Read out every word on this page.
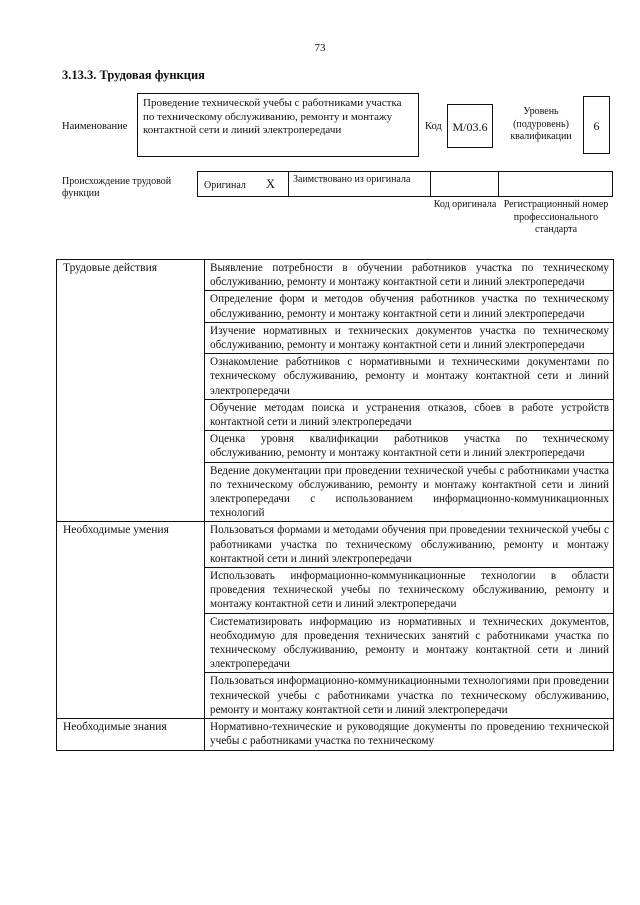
73
3.13.3. Трудовая функция
Наименование
Проведение технической учебы с работниками участка по техническому обслуживанию, ремонту и монтажу контактной сети и линий электропередачи	Код М/03.6
Уровень (подуровень) квалификации
6
Происхождение трудовой функции
Оригинал X Заимствовано из оригинала
Код оригинала Регистрационный номер профессионального стандарта
Трудовые действия	Выявление потребности в обучении работников участка по техническому обслуживанию, ремонту и монтажу контактной сети и линий электропередачи
	Определение форм и методов обучения работников участка по техническому обслуживанию, ремонту и монтажу контактной сети и линий электропередачи
	Изучение нормативных и технических документов участка по техническому обслуживанию, ремонту и монтажу контактной сети и линий электропередачи
	Ознакомление работников с нормативными и техническими документами по техническому обслуживанию, ремонту и монтажу контактной сети и линий электропередачи
	Обучение методам поиска и устранения отказов, сбоев в работе устройств контактной сети и линий электропередачи
	Оценка уровня квалификации работников участка по техническому обслуживанию, ремонту и монтажу контактной сети и линий электропередачи
	Ведение документации при проведении технической учебы с работниками участка по техническому обслуживанию, ремонту и монтажу контактной сети и линий электропередачи с использованием информационно-коммуникационных технологий
Необходимые умения	Пользоваться формами и методами обучения при проведении технической учебы с работниками участка по техническому обслуживанию, ремонту и монтажу контактной сети и линий электропередачи
	Использовать информационно-коммуникационные технологии в области проведения технической учебы по техническому обслуживанию, ремонту и монтажу контактной сети и линий электропередачи
	Систематизировать информацию из нормативных и технических документов, необходимую для проведения технических занятий с работниками участка по техническому обслуживанию, ремонту и монтажу контактной сети и линий электропередачи
	Пользоваться информационно-коммуникационными технологиями при проведении технической учебы с работниками участка по техническому обслуживанию, ремонту и монтажу контактной сети и линий электропередачи
Необходимые знания	Нормативно-технические и руководящие документы по проведению технической учебы с работниками участка по техническому
